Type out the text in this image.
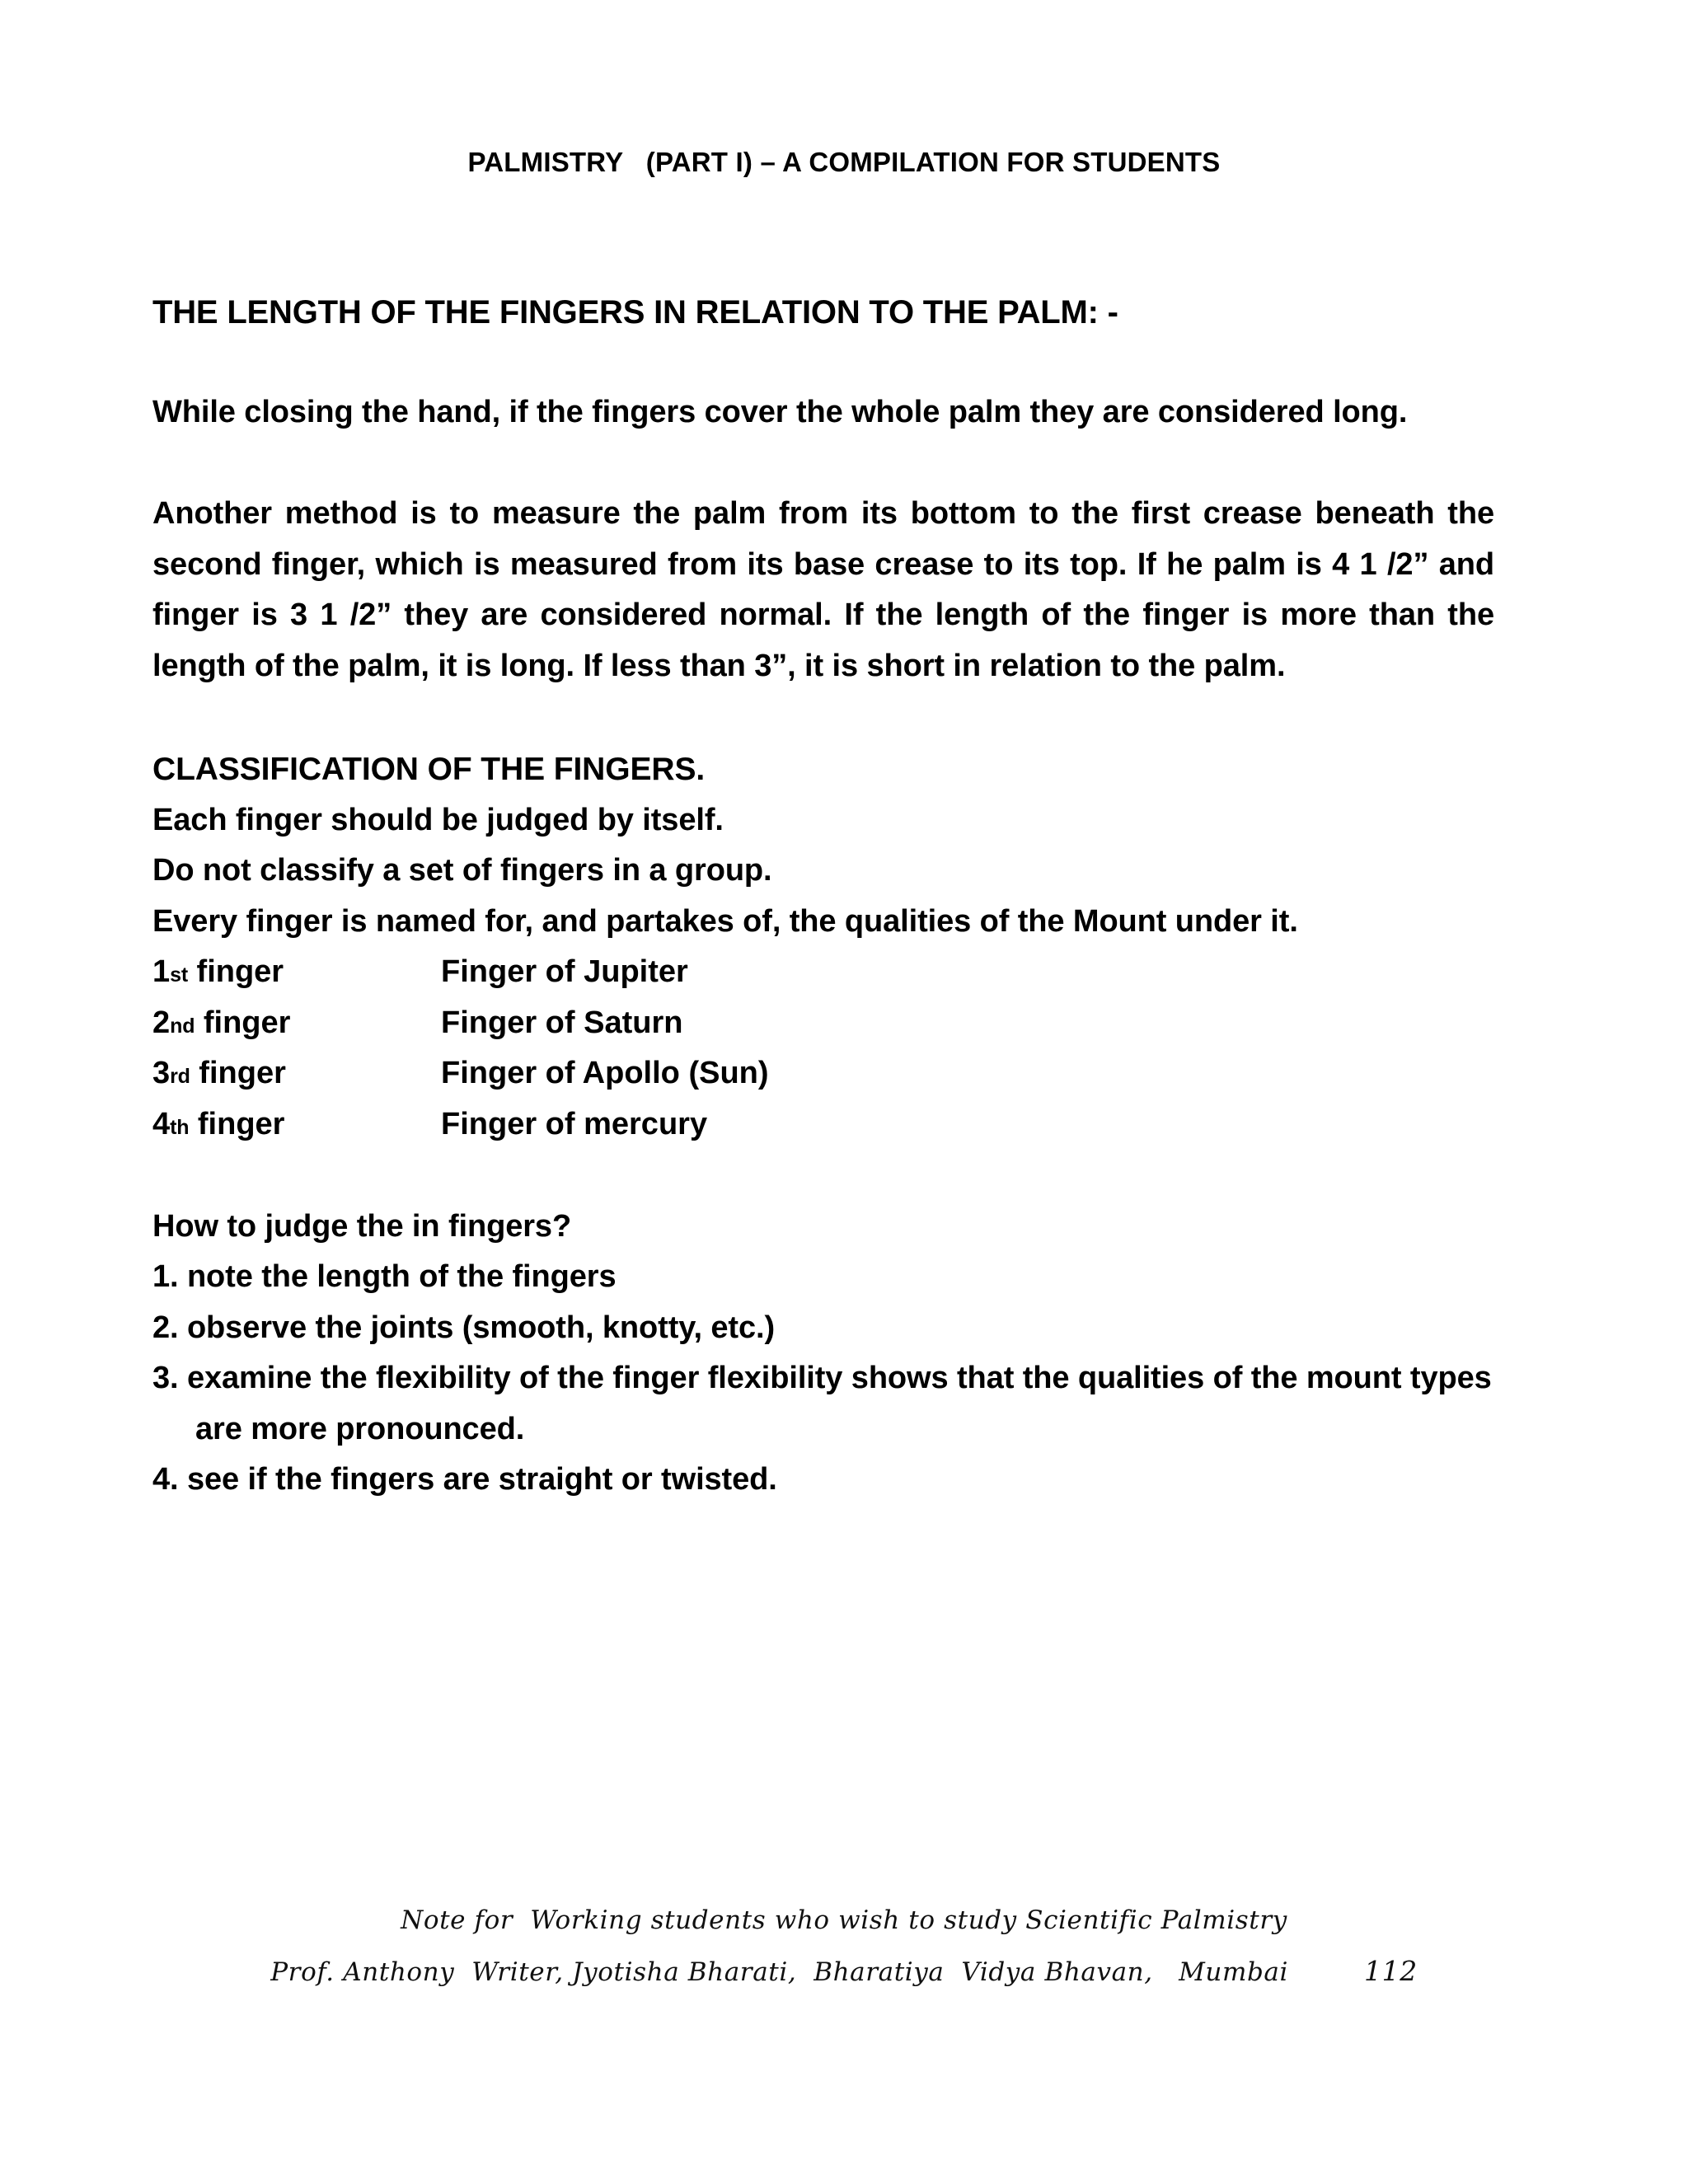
PALMISTRY   (PART I) – A COMPILATION FOR STUDENTS
THE LENGTH OF THE FINGERS IN RELATION TO THE PALM: -
While closing the hand, if the fingers cover the whole palm they are considered long.
Another method is to measure the palm from its bottom to the first crease beneath the second finger, which is measured from its base crease to its top. If he palm is 4 1 /2” and finger is 3 1 /2” they are considered normal. If the length of the finger is more than the length of the palm, it is long. If less than 3”, it is short in relation to the palm.
CLASSIFICATION OF THE FINGERS.
Each finger should be judged by itself.
Do not classify a set of fingers in a group.
Every finger is named for, and partakes of, the qualities of the Mount under it.
1st finger	Finger of Jupiter
2nd finger	Finger of Saturn
3rd finger	Finger of Apollo (Sun)
4th finger	Finger of mercury
How to judge the in fingers?
1. note the length of the fingers
2. observe the joints (smooth, knotty, etc.)
3. examine the flexibility of the finger flexibility shows that the qualities of the mount types are more pronounced.
4. see if the fingers are straight or twisted.
Note for  Working students who wish to study Scientific Palmistry
Prof. Anthony  Writer, Jyotisha Bharati,  Bharatiya  Vidya Bhavan,   Mumbai	112
